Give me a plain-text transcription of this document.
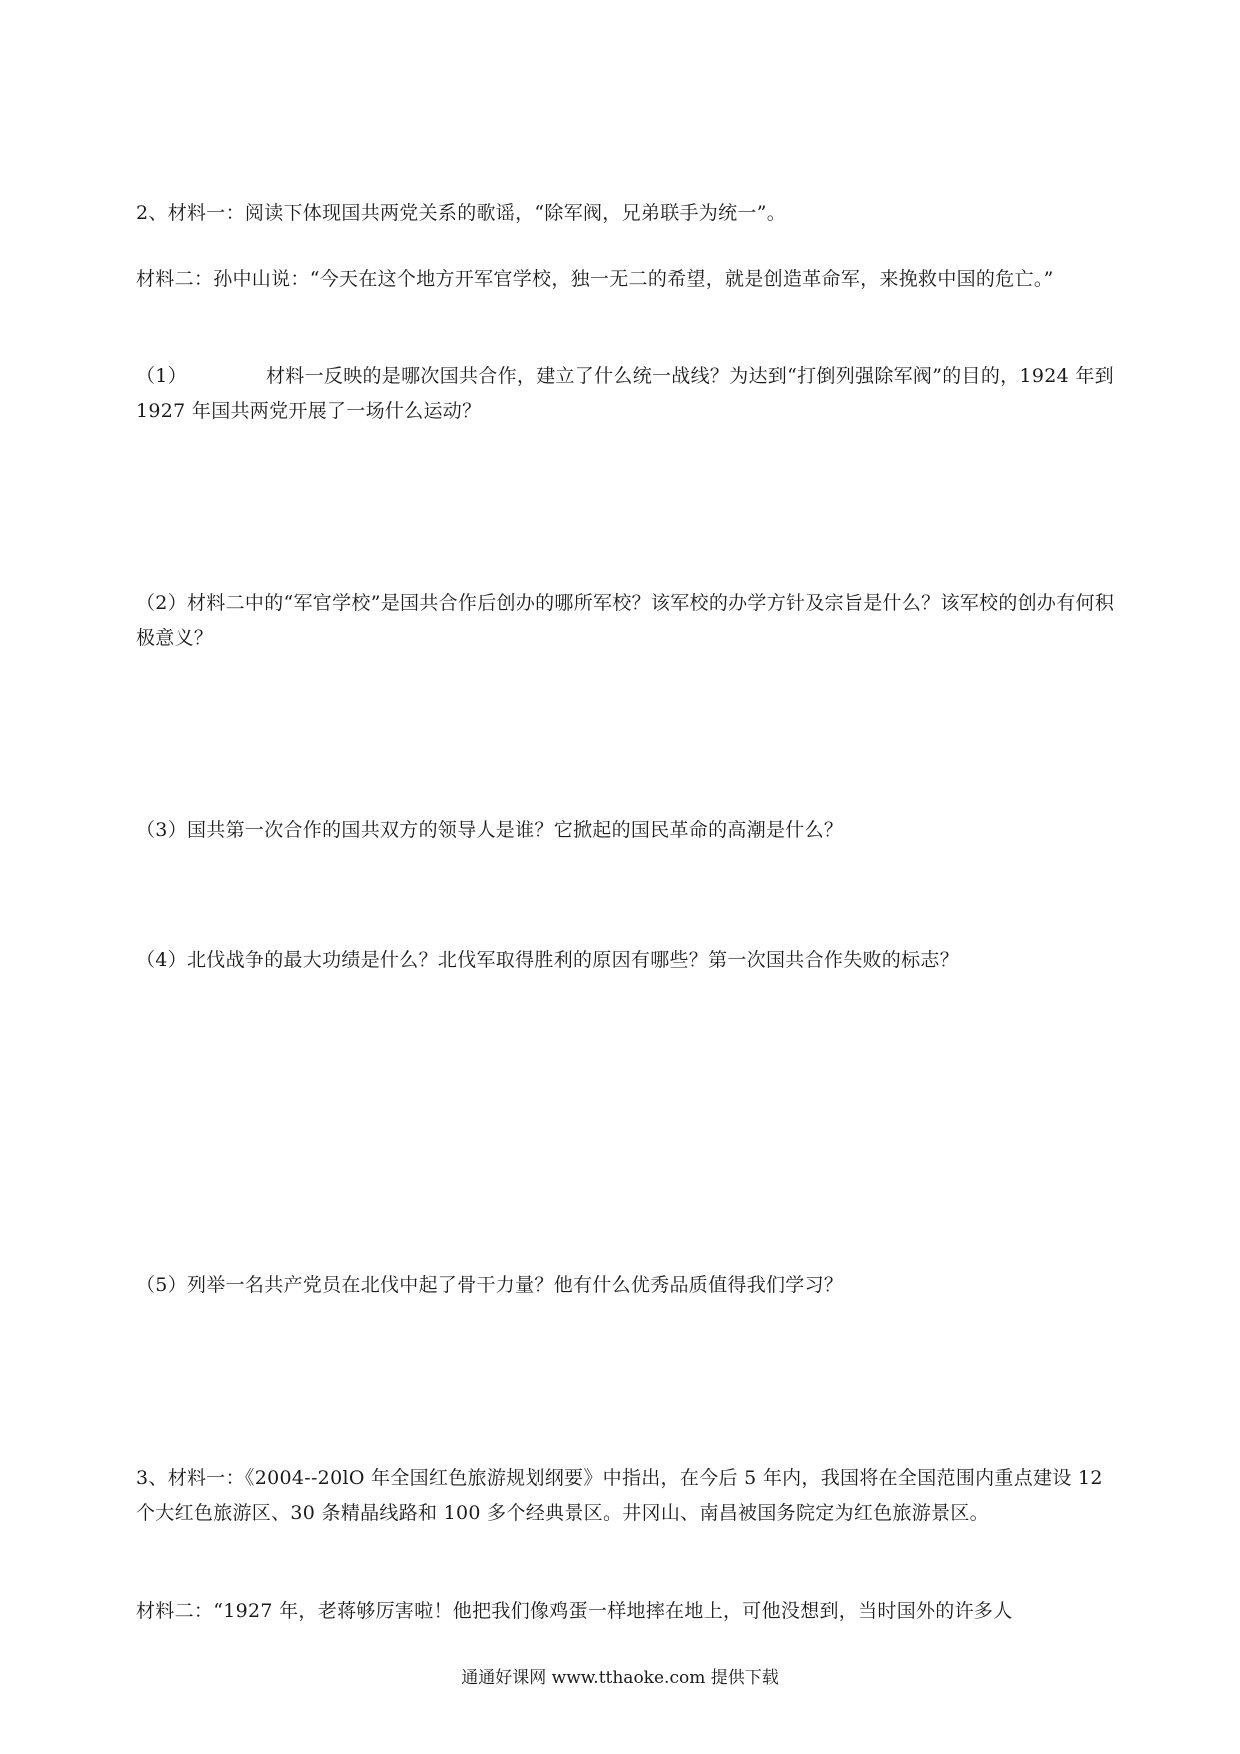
2、材料一：阅读下体现国共两党关系的歌谣，“除军阀，兄弟联手为统一”。

材料二：孙中山说：“今天在这个地方开军官学校，独一无二的希望，就是创造革命军，来挽救中国的危亡。”

（1）	材料一反映的是哪次国共合作，建立了什么统一战线？为达到“打倒列强除军阀”的目的，1924 年到 1927 年国共两党开展了一场什么运动？

（2）材料二中的“军官学校”是国共合作后创办的哪所军校？该军校的办学方针及宗旨是什么？该军校的创办有何积极意义？

（3）国共第一次合作的国共双方的领导人是谁？它掀起的国民革命的高潮是什么？

（4）北伐战争的最大功绩是什么？北伐军取得胜利的原因有哪些？第一次国共合作失败的标志？

（5）列举一名共产党员在北伐中起了骨干力量？他有什么优秀品质值得我们学习？

3、材料一：《2004--20lO 年全国红色旅游规划纲要》中指出，在今后 5 年内，我国将在全国范围内重点建设 12 个大红色旅游区、30 条精晶线路和 100 多个经典景区。井冈山、南昌被国务院定为红色旅游景区。

材料二：“1927 年，老蒋够厉害啦！他把我们像鸡蛋一样地摔在地上，可他没想到，当时国外的许多人

通通好课网 www.tthaoke.com 提供下载
